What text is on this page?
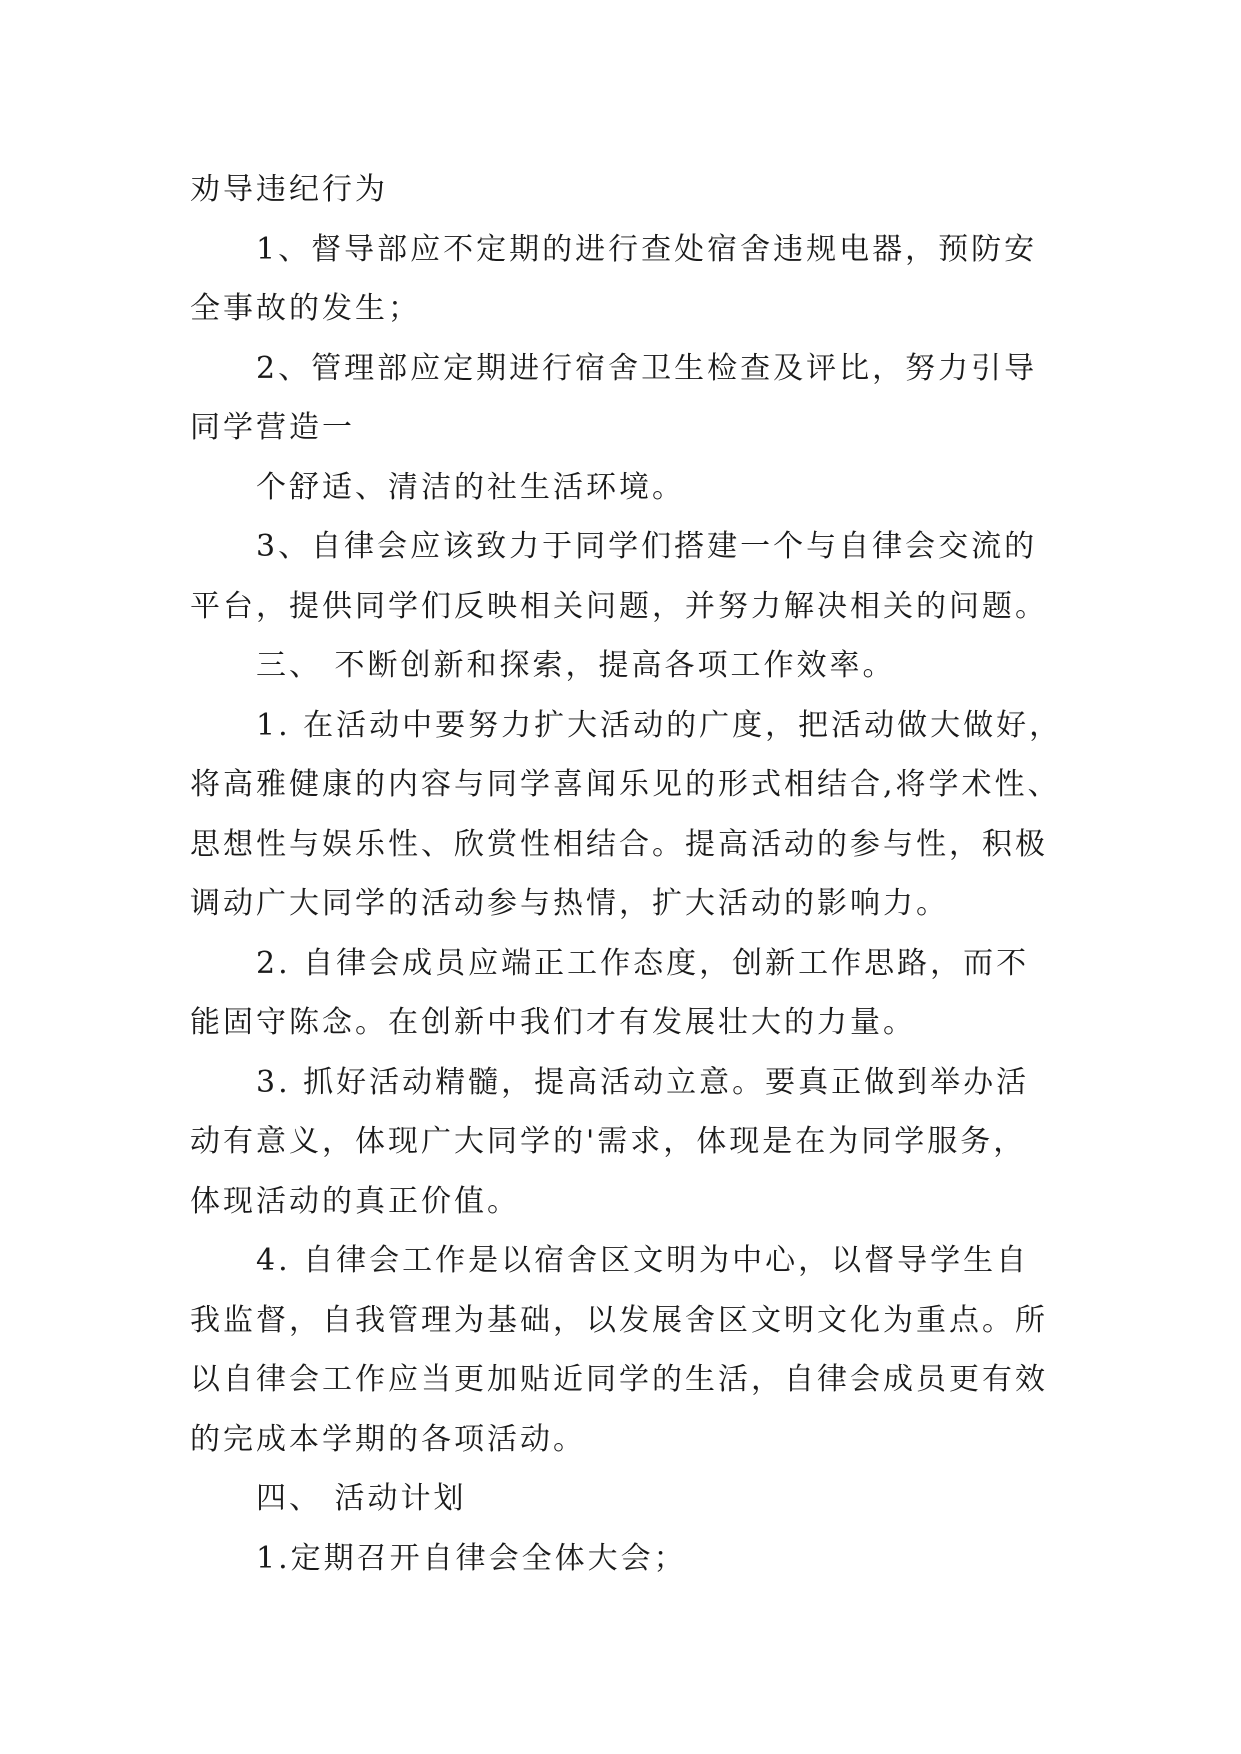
劝导违纪行为
1、督导部应不定期的进行查处宿舍违规电器，预防安
全事故的发生；
2、管理部应定期进行宿舍卫生检查及评比，努力引导
同学营造一
个舒适、清洁的社生活环境。
3、自律会应该致力于同学们搭建一个与自律会交流的
平台，提供同学们反映相关问题，并努力解决相关的问题。
三、 不断创新和探索，提高各项工作效率。
1. 在活动中要努力扩大活动的广度，把活动做大做好，
将高雅健康的内容与同学喜闻乐见的形式相结合,将学术性、
思想性与娱乐性、欣赏性相结合。提高活动的参与性，积极
调动广大同学的活动参与热情，扩大活动的影响力。
2. 自律会成员应端正工作态度，创新工作思路，而不
能固守陈念。在创新中我们才有发展壮大的力量。
3. 抓好活动精髓，提高活动立意。要真正做到举办活
动有意义，体现广大同学的'需求，体现是在为同学服务，
体现活动的真正价值。
4. 自律会工作是以宿舍区文明为中心，以督导学生自
我监督，自我管理为基础，以发展舍区文明文化为重点。所
以自律会工作应当更加贴近同学的生活，自律会成员更有效
的完成本学期的各项活动。
四、 活动计划
1.定期召开自律会全体大会；
